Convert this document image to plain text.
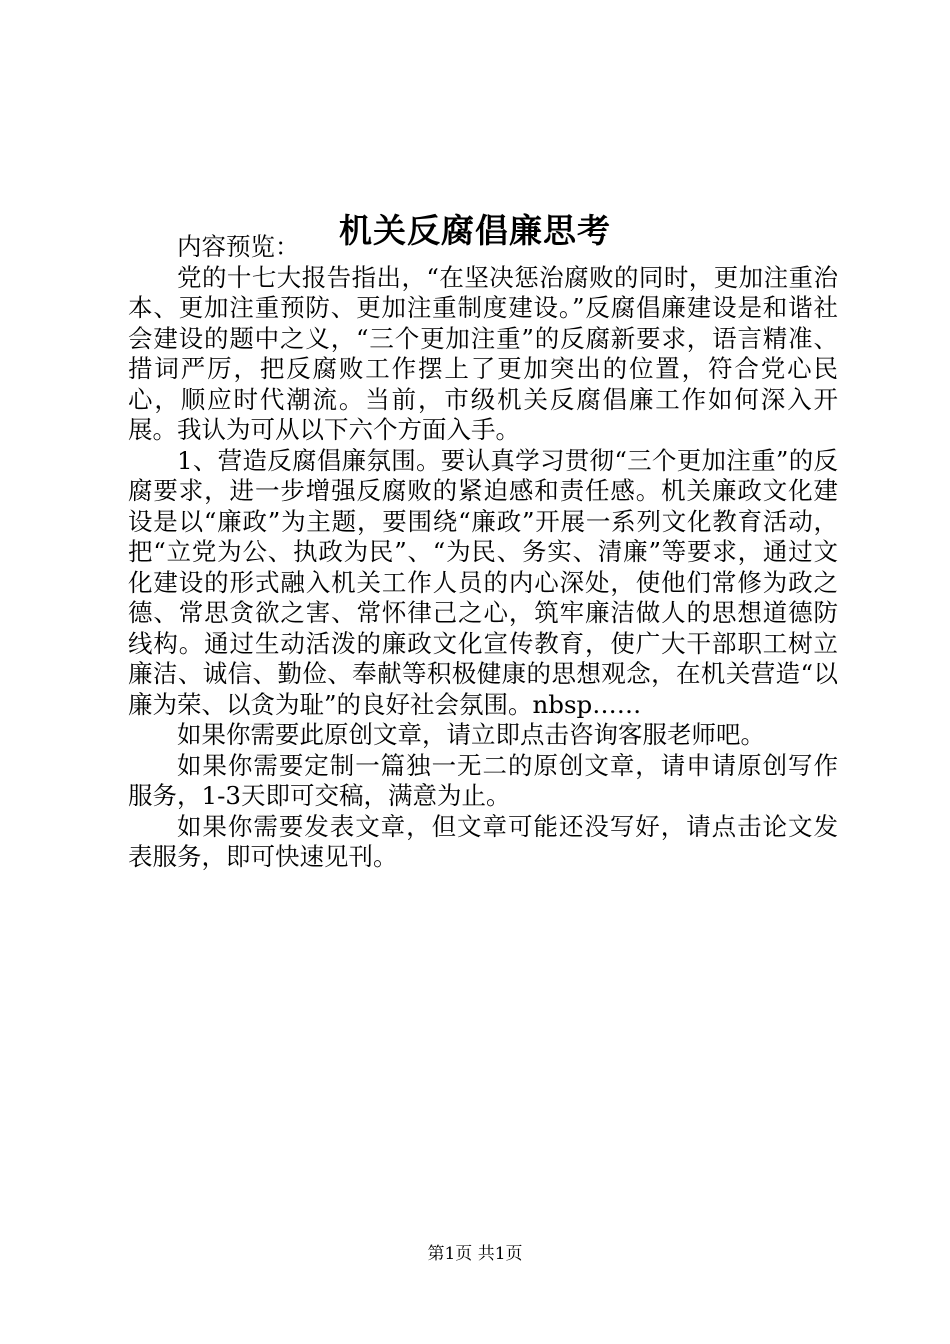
机关反腐倡廉思考

内容预览：

党的十七大报告指出，“在坚决惩治腐败的同时，更加注重治本、更加注重预防、更加注重制度建设。”反腐倡廉建设是和谐社会建设的题中之义，“三个更加注重”的反腐新要求，语言精准、措词严厉，把反腐败工作摆上了更加突出的位置，符合党心民心，顺应时代潮流。当前，市级机关反腐倡廉工作如何深入开展。我认为可从以下六个方面入手。

1、营造反腐倡廉氛围。要认真学习贯彻“三个更加注重”的反腐要求，进一步增强反腐败的紧迫感和责任感。机关廉政文化建设是以“廉政”为主题，要围绕“廉政”开展一系列文化教育活动，把“立党为公、执政为民”、“为民、务实、清廉”等要求，通过文化建设的形式融入机关工作人员的内心深处，使他们常修为政之德、常思贪欲之害、常怀律己之心，筑牢廉洁做人的思想道德防线构。通过生动活泼的廉政文化宣传教育，使广大干部职工树立廉洁、诚信、勤俭、奉献等积极健康的思想观念，在机关营造“以廉为荣、以贪为耻”的良好社会氛围。nbsp……

如果你需要此原创文章，请立即点击咨询客服老师吧。

如果你需要定制一篇独一无二的原创文章，请申请原创写作服务，1-3天即可交稿，满意为止。

如果你需要发表文章，但文章可能还没写好，请点击论文发表服务，即可快速见刊。

第1页 共1页
